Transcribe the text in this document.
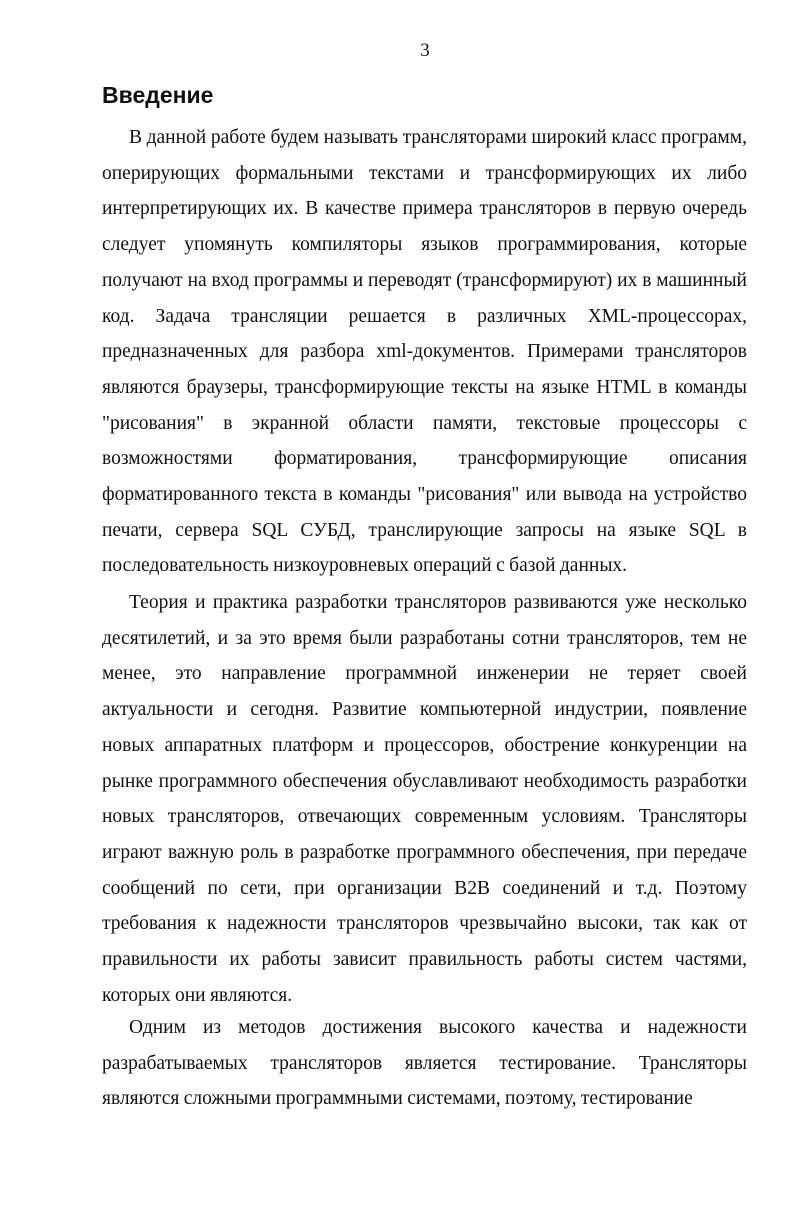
3
Введение

В данной работе будем называть трансляторами широкий класс программ, оперирующих формальными текстами и трансформирующих их либо интерпретирующих их. В качестве примера трансляторов в первую очередь следует упомянуть компиляторы языков программирования, которые получают на вход программы и переводят (трансформируют) их в машинный код. Задача трансляции решается в различных XML-процессорах, предназначенных для разбора xml-документов. Примерами трансляторов являются браузеры, трансформирующие тексты на языке HTML в команды "рисования" в экранной области памяти, текстовые процессоры с возможностями форматирования, трансформирующие описания форматированного текста в команды "рисования" или вывода на устройство печати, сервера SQL СУБД, транслирующие запросы на языке SQL в последовательность низкоуровневых операций с базой данных.

Теория и практика разработки трансляторов развиваются уже несколько десятилетий, и за это время были разработаны сотни трансляторов, тем не менее, это направление программной инженерии не теряет своей актуальности и сегодня. Развитие компьютерной индустрии, появление новых аппаратных платформ и процессоров, обострение конкуренции на рынке программного обеспечения обуславливают необходимость разработки новых трансляторов, отвечающих современным условиям. Трансляторы играют важную роль в разработке программного обеспечения, при передаче сообщений по сети, при организации B2B соединений и т.д. Поэтому требования к надежности трансляторов чрезвычайно высоки, так как от правильности их работы зависит правильность работы систем частями, которых они являются.

Одним из методов достижения высокого качества и надежности разрабатываемых трансляторов является тестирование. Трансляторы являются сложными программными системами, поэтому, тестирование
